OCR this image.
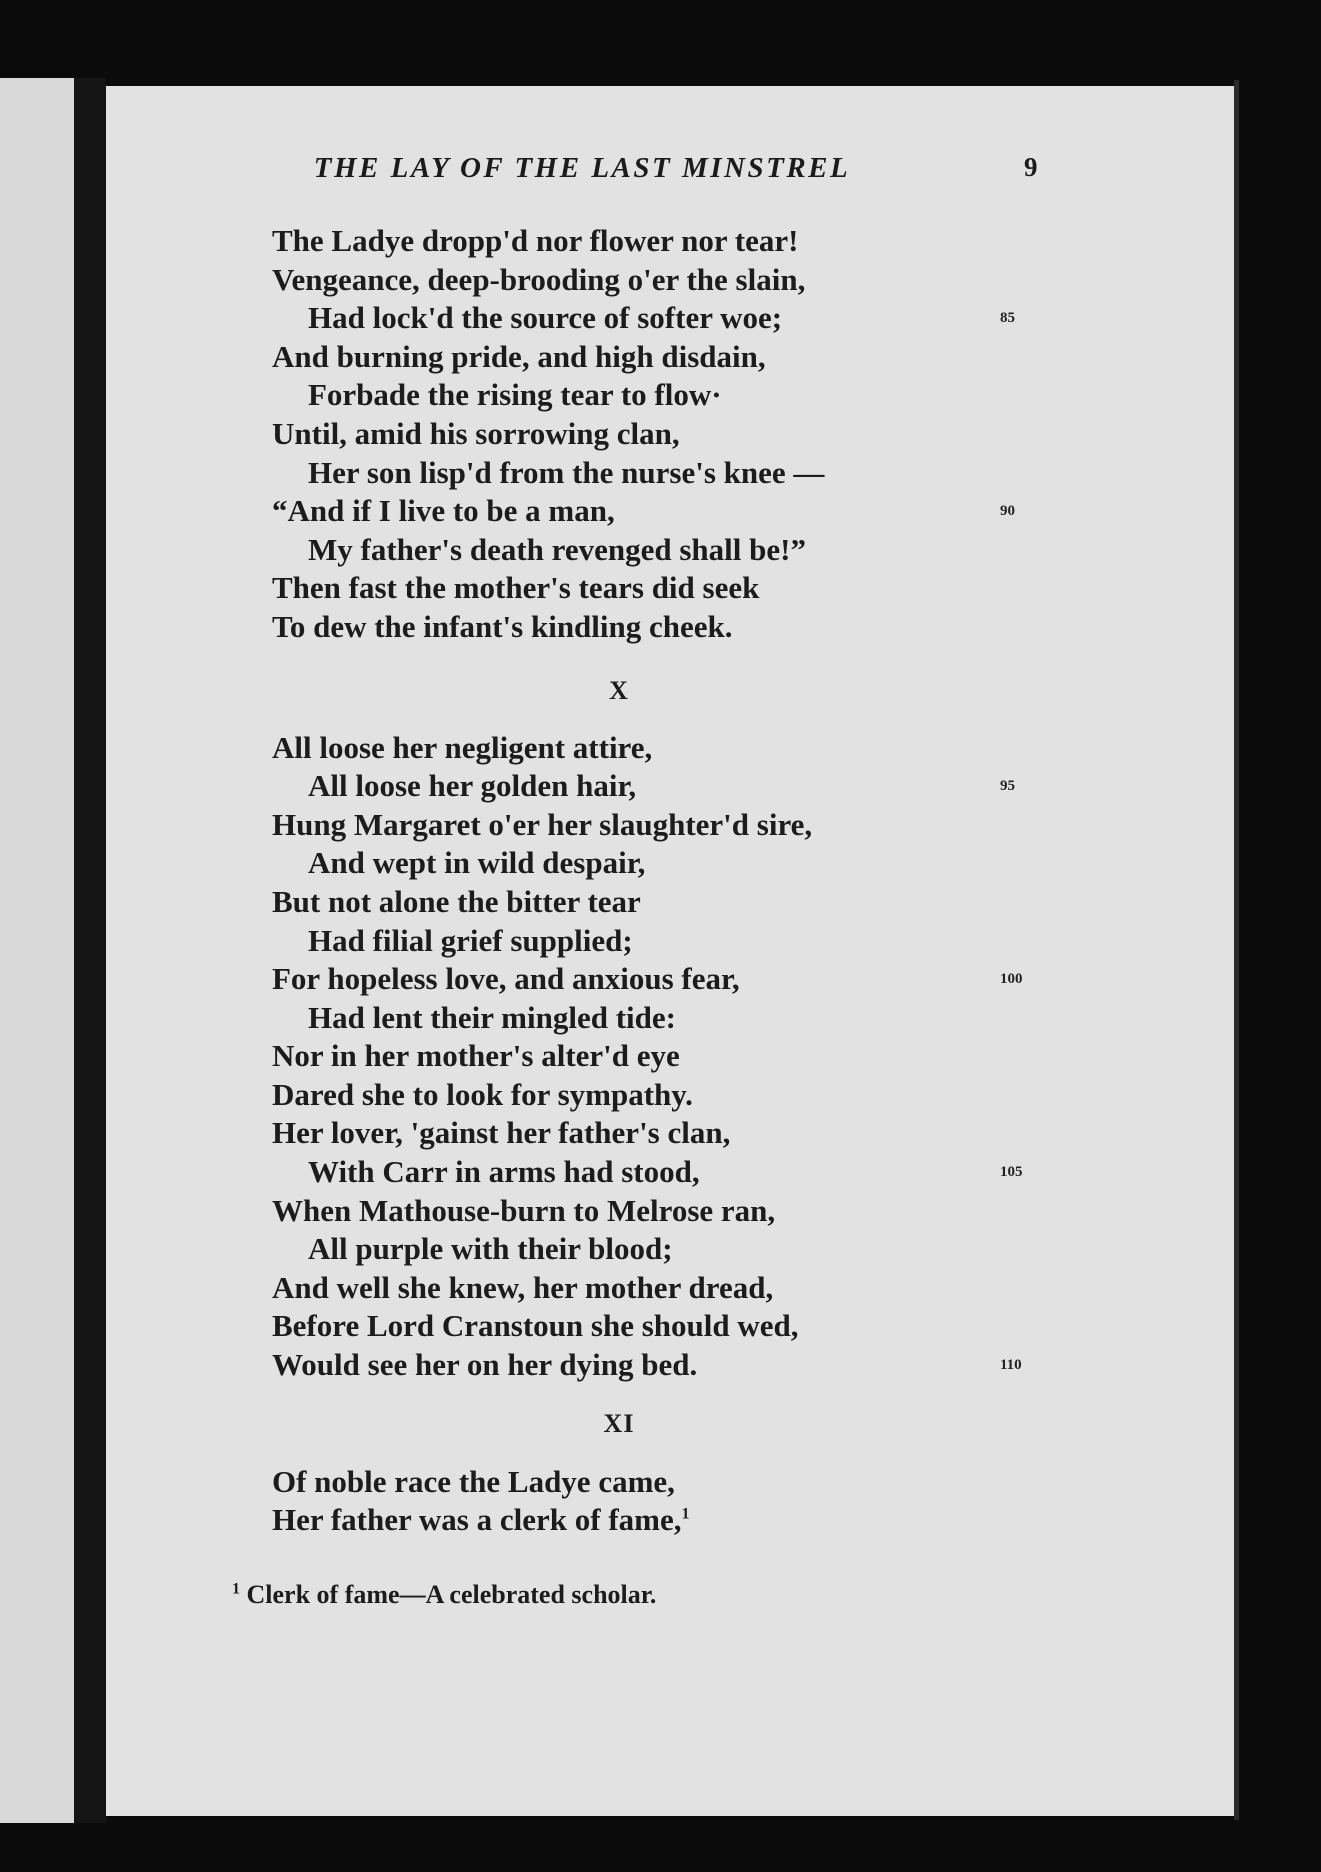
THE LAY OF THE LAST MINSTREL	9
The Ladye dropp'd nor flower nor tear!
Vengeance, deep-brooding o'er the slain,
Had lock'd the source of softer woe;	85
And burning pride, and high disdain,
Forbade the rising tear to flow·
Until, amid his sorrowing clan,
Her son lisp'd from the nurse's knee —
“And if I live to be a man,	90
My father's death revenged shall be!”
Then fast the mother's tears did seek
To dew the infant's kindling cheek.
X
All loose her negligent attire,
All loose her golden hair,	95
Hung Margaret o'er her slaughter'd sire,
And wept in wild despair,
But not alone the bitter tear
Had filial grief supplied;
For hopeless love, and anxious fear,	100
Had lent their mingled tide:
Nor in her mother's alter'd eye
Dared she to look for sympathy.
Her lover, 'gainst her father's clan,
With Carr in arms had stood,	105
When Mathouse-burn to Melrose ran,
All purple with their blood;
And well she knew, her mother dread,
Before Lord Cranstoun she should wed,
Would see her on her dying bed.	110
XI
Of noble race the Ladye came,
Her father was a clerk of fame,$^1$
$^1$ Clerk of fame—A celebrated scholar.
